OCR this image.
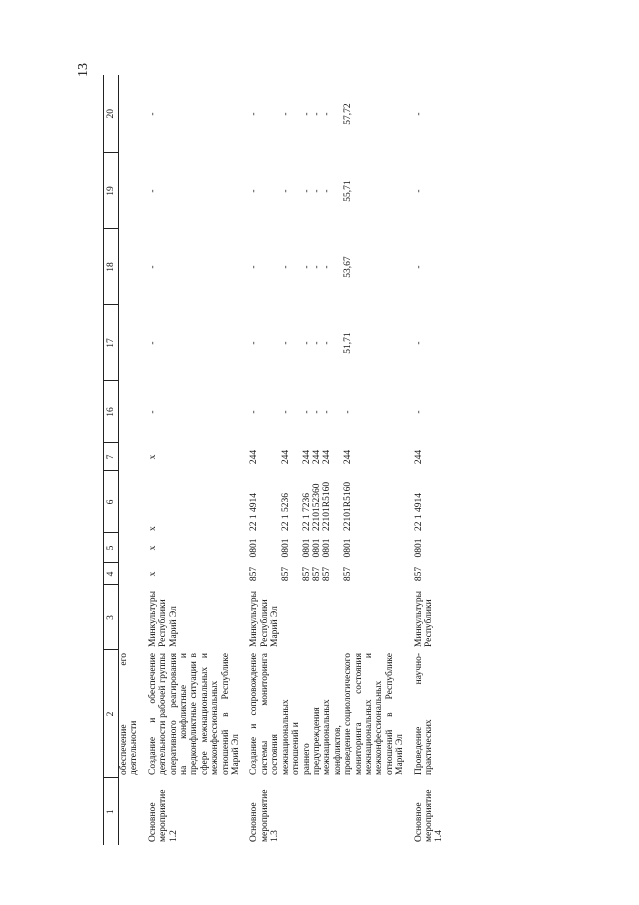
13
1	2	3	4	5	6	7	16	17	18	19	20
	обеспечение его деятельности										

Основное мероприятие 1.2	Создание и обеспечение деятельности рабочей группы оперативного реагирования на конфликтные и предконфликтные ситуации в сфере межнациональных и межконфессиональных отношений в Республике Марий Эл	Минкультуры Республики Марий Эл	х	х	х	х	-	-	-	-	-

Основное мероприятие 1.3	Создание и сопровождение системы мониторинга состояния	Минкультуры Республики Марий Эл	857	0801	22 1 4914	244	-	-	-	-	-
	межнациональных отношений и		857	0801	22 1 5236	244	-	-	-	-	-
	раннего		857	0801	22 1 7236	244	-	-	-	-	-
	предупреждения		857	0801	2210152360	244	-	-	-	-	-
	межнациональных конфликтов,		857	0801	22101R5160	244	-	-	-	-	-
	проведение социологического мониторинга состояния межнациональных и межконфессиональных отношений в Республике Марий Эл		857	0801	22101R5160	244	-	51,71	53,67	55,71	57,72

Основное мероприятие 1.4	Проведение научно-практических	Минкультуры Республики	857	0801	22 1 4914	244	-	-	-	-	-
